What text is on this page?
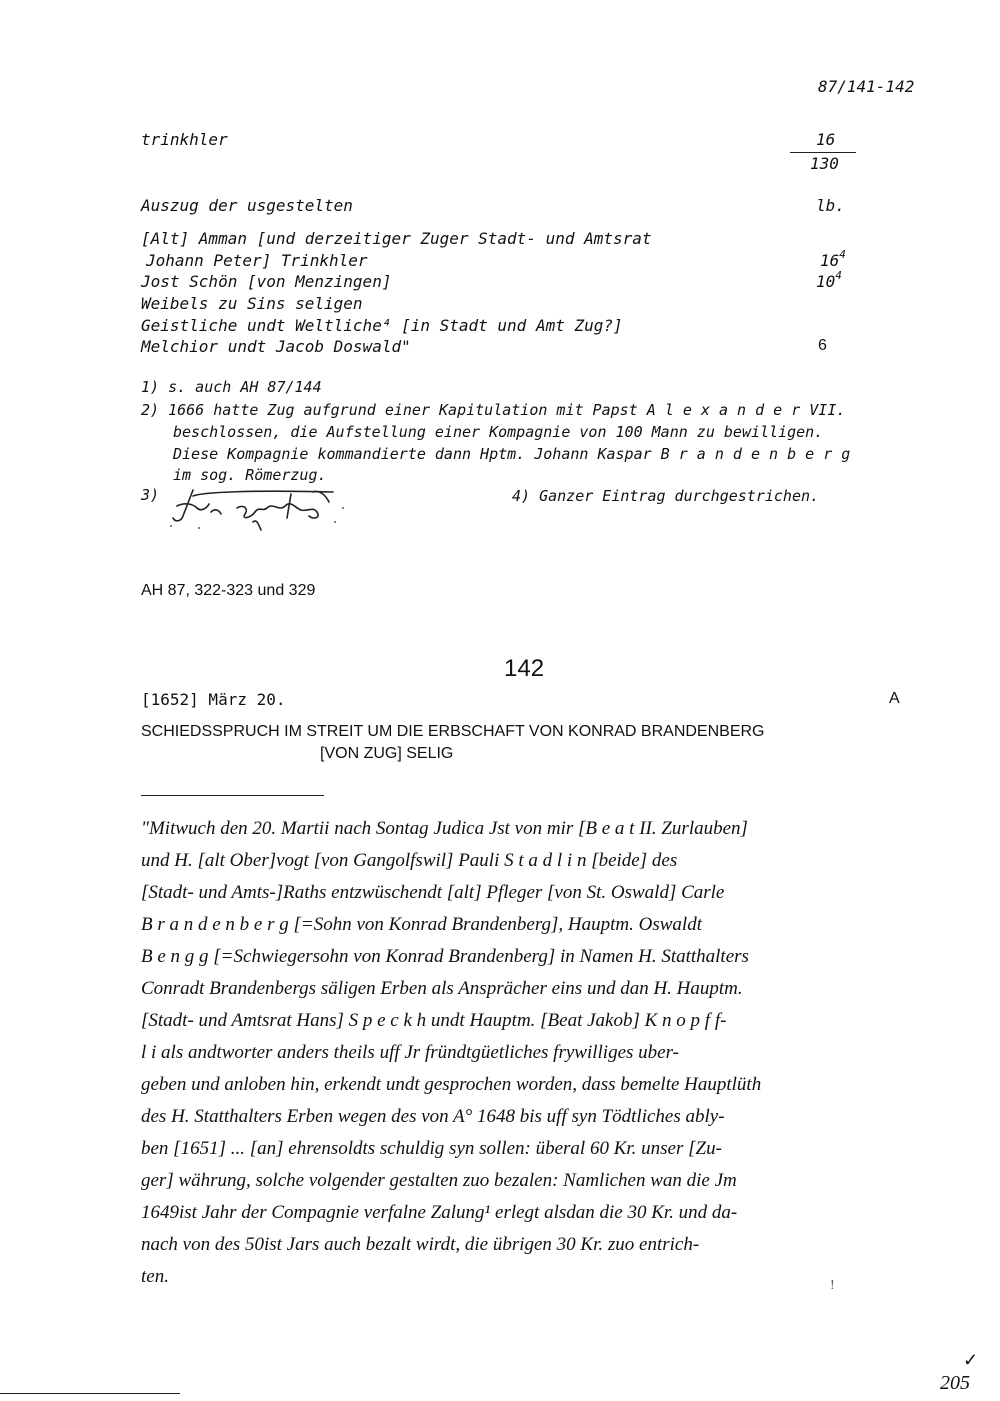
87/141-142
trinkhler	16
130
Auszug der usgestelten	lb.
[Alt] Amman [und derzeitiger Zuger Stadt- und Amtsrat
Johann Peter] Trinkhler	$16^4$
Jost Schön [von Menzingen]	$10^4$
Weibels zu Sins seligen
Geistliche undt Weltliche⁴ [in Stadt und Amt Zug?]
Melchior undt Jacob Doswald"	6
1) s. auch AH 87/144
2) 1666 hatte Zug aufgrund einer Kapitulation mit Papst A l e x a n d e r VII.
beschlossen, die Aufstellung einer Kompagnie von 100 Mann zu bewilligen.
Diese Kompagnie kommandierte dann Hptm. Johann Kaspar B r a n d e n b e r g
im sog. Römerzug.
3)	4) Ganzer Eintrag durchgestrichen.
AH 87, 322-323 und 329
142
[1652] März 20.	A
SCHIEDSSPRUCH IM STREIT UM DIE ERBSCHAFT VON KONRAD BRANDENBERG
[VON ZUG] SELIG
"Mitwuch den 20. Martii nach Sontag Judica Jst von mir [B e a t II. Zurlauben]
und H. [alt Ober]vogt [von Gangolfswil] Pauli S t a d l i n [beide] des
[Stadt- und Amts-]Raths entzwüschendt [alt] Pfleger [von St. Oswald] Carle
B r a n d e n b e r g [=Sohn von Konrad Brandenberg], Hauptm. Oswaldt
B e n g g [=Schwiegersohn von Konrad Brandenberg] in Namen H. Statthalters
Conradt Brandenbergs säligen Erben als Ansprächer eins und dan H. Hauptm.
[Stadt- und Amtsrat Hans] S p e c k h undt Hauptm. [Beat Jakob] K n o p f f-
l i als andtworter anders theils uff Jr fründtgüetliches frywilliges uber-
geben und anloben hin, erkendt undt gesprochen worden, dass bemelte Hauptlüth
des H. Statthalters Erben wegen des von A° 1648 bis uff syn Tödtliches ably-
ben [1651] ... [an] ehrensoldts schuldig syn sollen: überal 60 Kr. unser [Zu-
ger] währung, solche volgender gestalten zuo bezalen: Namlichen wan die Jm
1649ist Jahr der Compagnie verfalne Zalung¹ erlegt alsdan die 30 Kr. und da-
nach von des 50ist Jars auch bezalt wirdt, die übrigen 30 Kr. zuo entrich-
ten.	!
✓
205
